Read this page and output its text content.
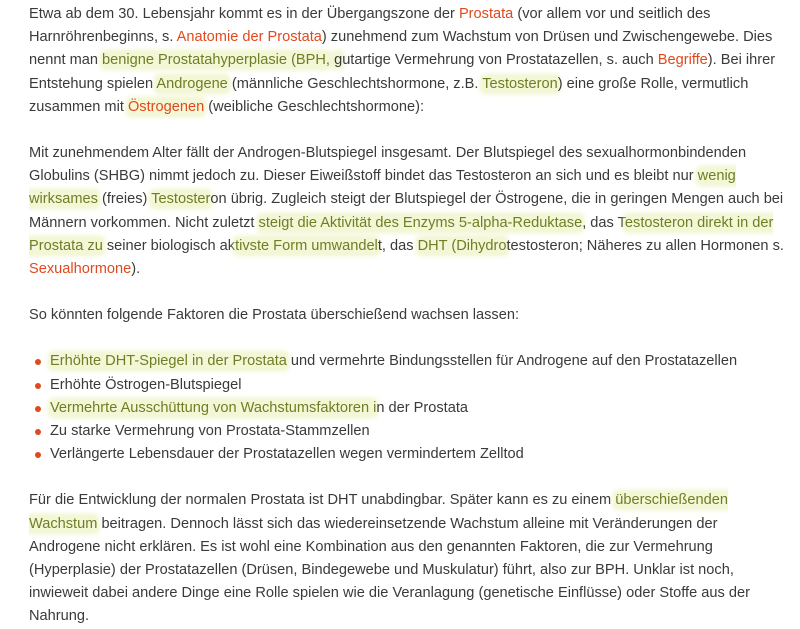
Etwa ab dem 30. Lebensjahr kommt es in der Übergangszone der Prostata (vor allem vor und seitlich des Harnröhrenbeginns, s. Anatomie der Prostata) zunehmend zum Wachstum von Drüsen und Zwischengewebe. Dies nennt man benigne Prostatahyperplasie (BPH, gutartige Vermehrung von Prostatazellen, s. auch Begriffe). Bei ihrer Entstehung spielen Androgene (männliche Geschlechtshormone, z.B. Testosteron) eine große Rolle, vermutlich zusammen mit Östrogenen (weibliche Geschlechtshormone):

Mit zunehmendem Alter fällt der Androgen-Blutspiegel insgesamt. Der Blutspiegel des sexualhormonbindenden Globulins (SHBG) nimmt jedoch zu. Dieser Eiweißstoff bindet das Testosteron an sich und es bleibt nur wenig wirksames (freies) Testosteron übrig. Zugleich steigt der Blutspiegel der Östrogene, die in geringen Mengen auch bei Männern vorkommen. Nicht zuletzt steigt die Aktivität des Enzyms 5-alpha-Reduktase, das Testosteron direkt in der Prostata zu seiner biologisch aktivste Form umwandelt, das DHT (Dihydrotestosteron; Näheres zu allen Hormonen s. Sexualhormone).

So könnten folgende Faktoren die Prostata überschießend wachsen lassen:

Erhöhte DHT-Spiegel in der Prostata und vermehrte Bindungsstellen für Androgene auf den Prostatazellen
Erhöhte Östrogen-Blutspiegel
Vermehrte Ausschüttung von Wachstumsfaktoren in der Prostata
Zu starke Vermehrung von Prostata-Stammzellen
Verlängerte Lebensdauer der Prostatazellen wegen vermindertem Zelltod

Für die Entwicklung der normalen Prostata ist DHT unabdingbar. Später kann es zu einem überschießenden Wachstum beitragen. Dennoch lässt sich das wiedereinsetzende Wachstum alleine mit Veränderungen der Androgene nicht erklären. Es ist wohl eine Kombination aus den genannten Faktoren, die zur Vermehrung (Hyperplasie) der Prostatazellen (Drüsen, Bindegewebe und Muskulatur) führt, also zur BPH. Unklar ist noch, inwieweit dabei andere Dinge eine Rolle spielen wie die Veranlagung (genetische Einflüsse) oder Stoffe aus der Nahrung.
